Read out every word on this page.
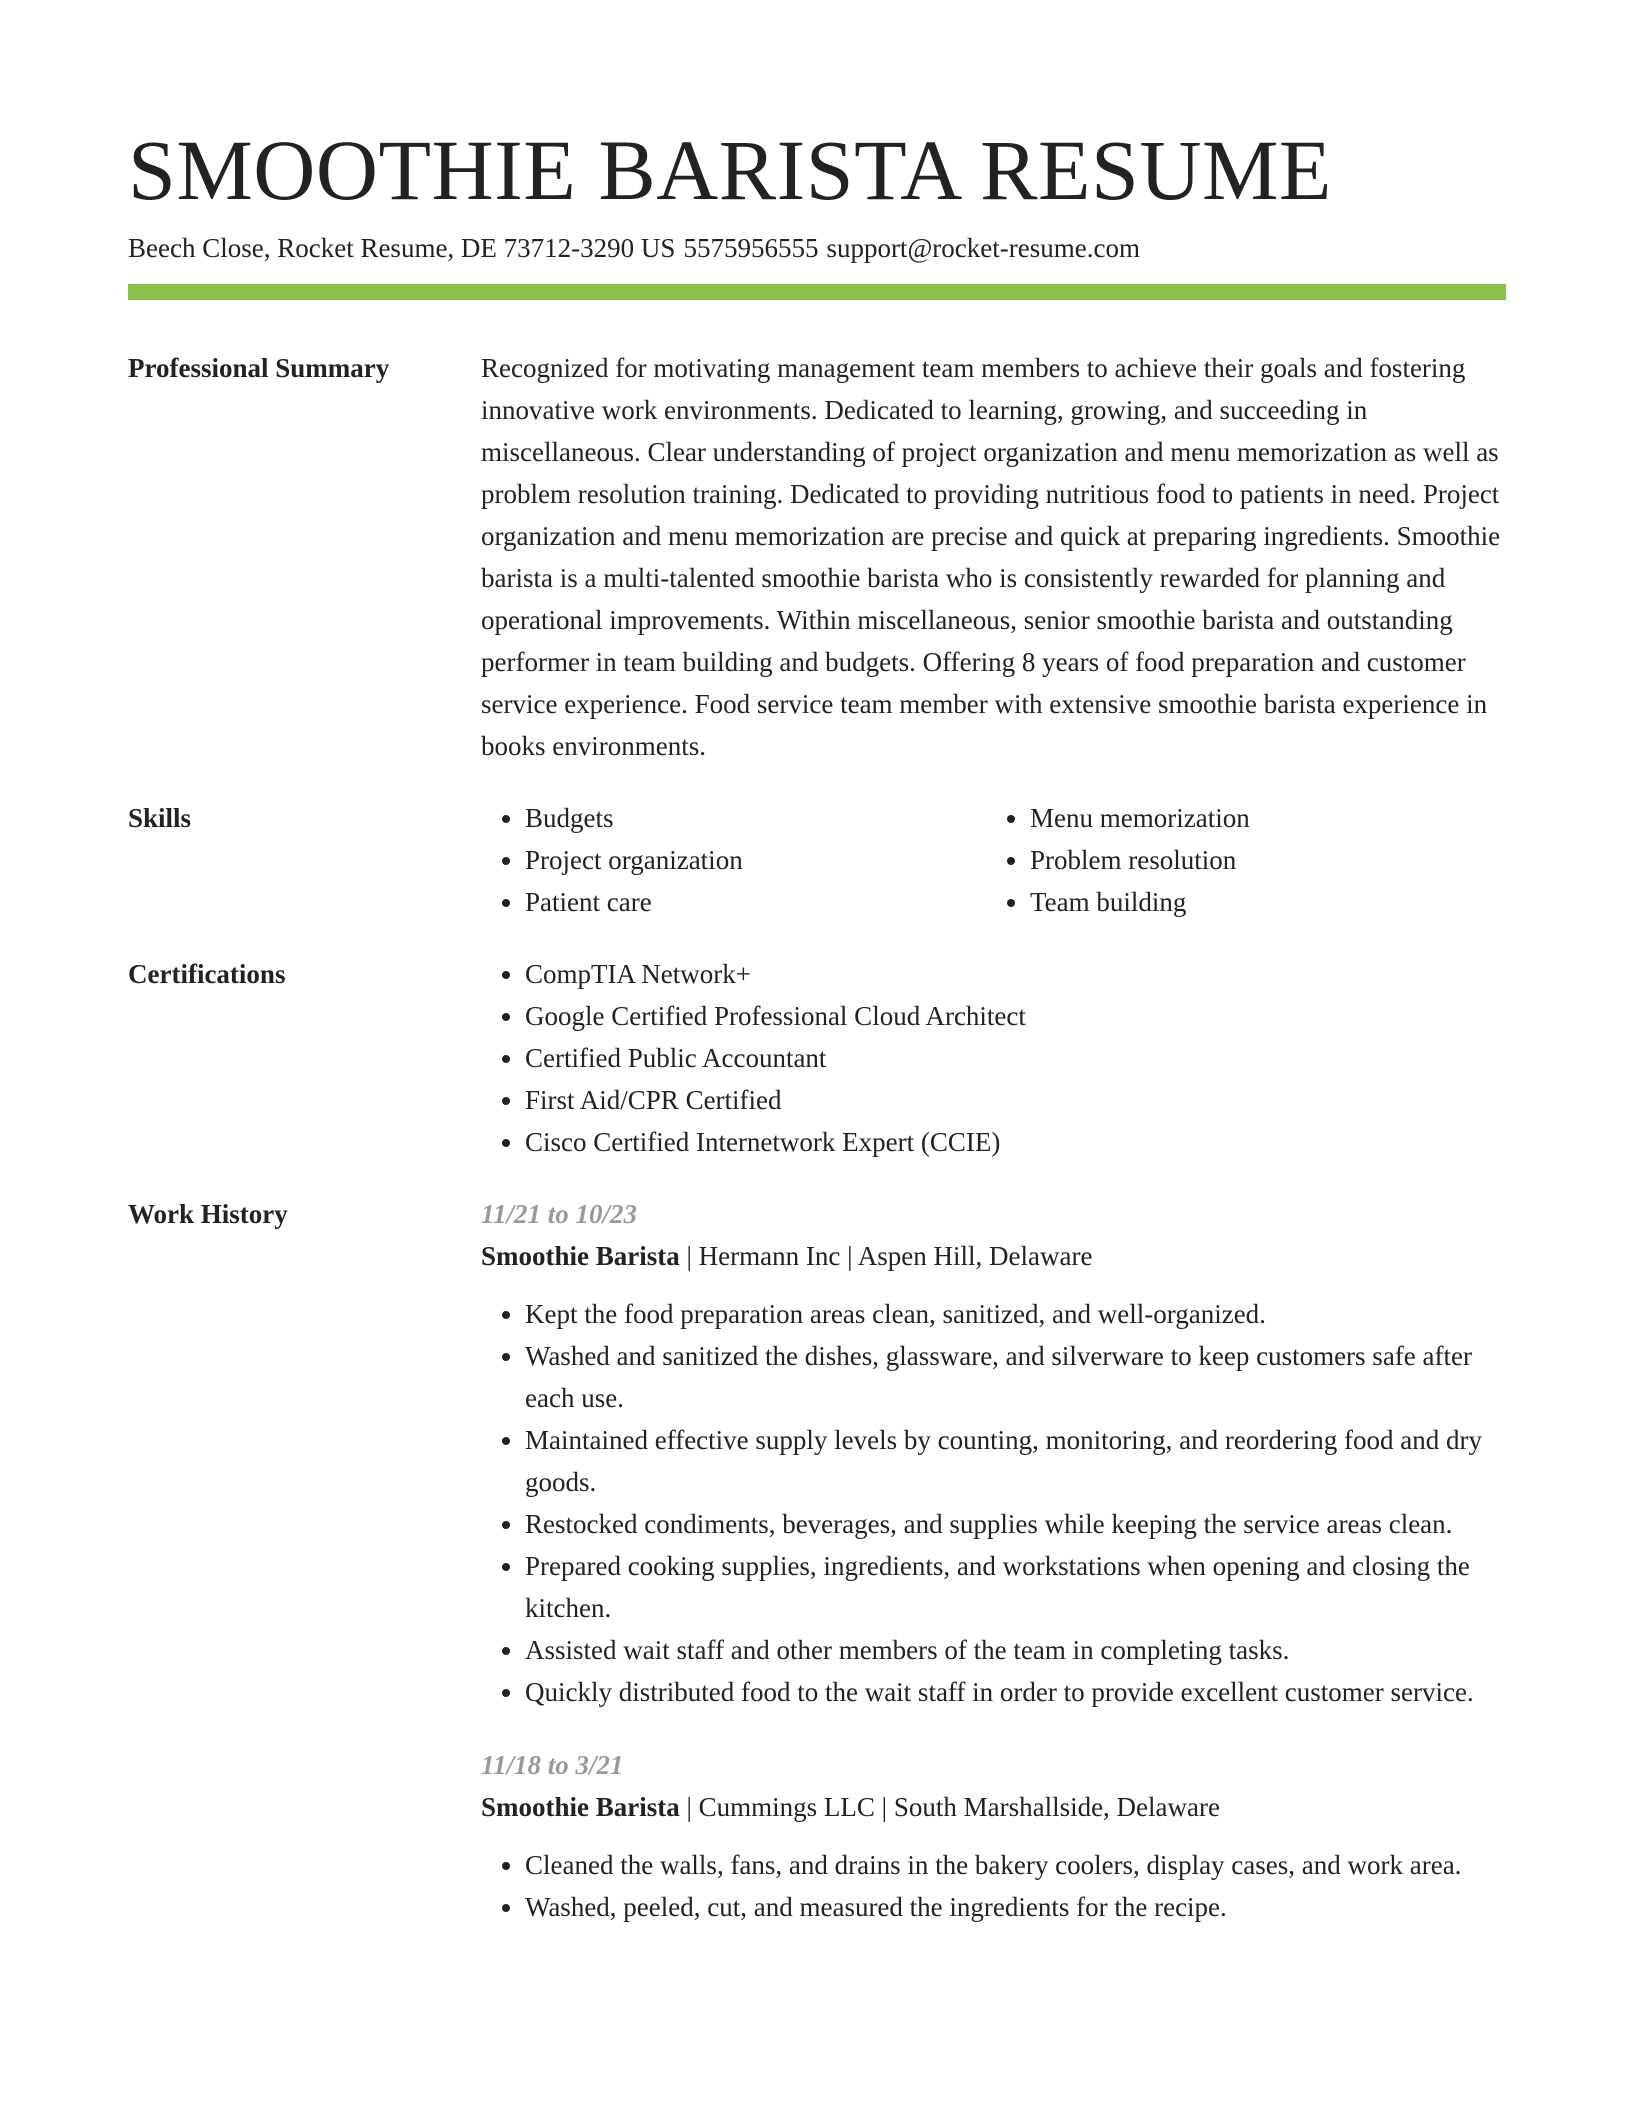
SMOOTHIE BARISTA RESUME
Beech Close, Rocket Resume, DE 73712-3290 US 5575956555 support@rocket-resume.com
Professional Summary	Recognized for motivating management team members to achieve their goals and fostering innovative work environments. Dedicated to learning, growing, and succeeding in miscellaneous. Clear understanding of project organization and menu memorization as well as problem resolution training. Dedicated to providing nutritious food to patients in need. Project organization and menu memorization are precise and quick at preparing ingredients. Smoothie barista is a multi-talented smoothie barista who is consistently rewarded for planning and operational improvements. Within miscellaneous, senior smoothie barista and outstanding performer in team building and budgets. Offering 8 years of food preparation and customer service experience. Food service team member with extensive smoothie barista experience in books environments.

Skills	• Budgets
• Project organization
• Patient care
• Menu memorization
• Problem resolution
• Team building
Certifications	• CompTIA Network+
• Google Certified Professional Cloud Architect
• Certified Public Accountant
• First Aid/CPR Certified
• Cisco Certified Internetwork Expert (CCIE)
Work History	11/21 to 10/23
Smoothie Barista | Hermann Inc | Aspen Hill, Delaware
• Kept the food preparation areas clean, sanitized, and well-organized.
• Washed and sanitized the dishes, glassware, and silverware to keep customers safe after each use.
• Maintained effective supply levels by counting, monitoring, and reordering food and dry goods.
• Restocked condiments, beverages, and supplies while keeping the service areas clean.
• Prepared cooking supplies, ingredients, and workstations when opening and closing the kitchen.
• Assisted wait staff and other members of the team in completing tasks.
• Quickly distributed food to the wait staff in order to provide excellent customer service.
11/18 to 3/21
Smoothie Barista | Cummings LLC | South Marshallside, Delaware
• Cleaned the walls, fans, and drains in the bakery coolers, display cases, and work area.
• Washed, peeled, cut, and measured the ingredients for the recipe.
